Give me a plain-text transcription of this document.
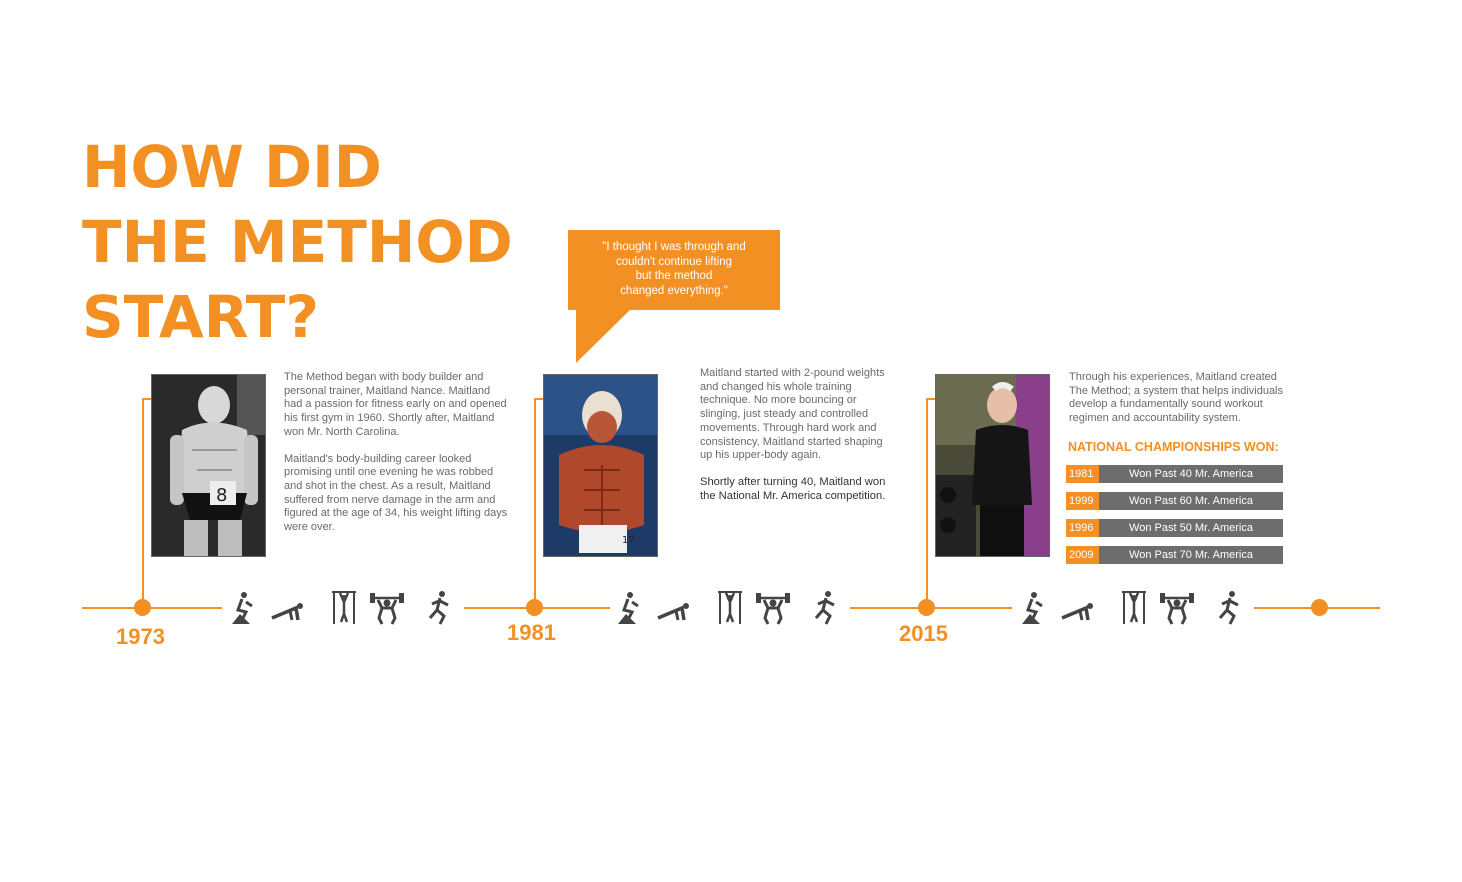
HOW DID
THE METHOD
START?
"I thought I was through and
couldn't continue lifting
but the method
changed everything."
8

The Method began with body builder and personal trainer, Maitland Nance. Maitland had a passion for fitness early on and opened his first gym in 1960. Shortly after, Maitland won Mr. North Carolina.

Maitland's body-building career looked promising until one evening he was robbed and shot in the chest. As a result, Maitland suffered from nerve damage in the arm and figured at the age of 34, his weight lifting days were over.

17

Maitland started with 2-pound weights and changed his whole training technique. No more bouncing or slinging, just steady and controlled movements. Through hard work and consistency, Maitland started shaping up his upper-body again.

Shortly after turning 40, Maitland won the National Mr. America competition.

Through his experiences, Maitland created The Method; a system that helps individuals develop a fundamentally sound workout regimen and accountability system.

NATIONAL CHAMPIONSHIPS WON:
1981	Won Past 40 Mr. America
1999	Won Past 60 Mr. America
1996	Won Past 50 Mr. America
2009	Won Past 70 Mr. America
1973	1981	2015
